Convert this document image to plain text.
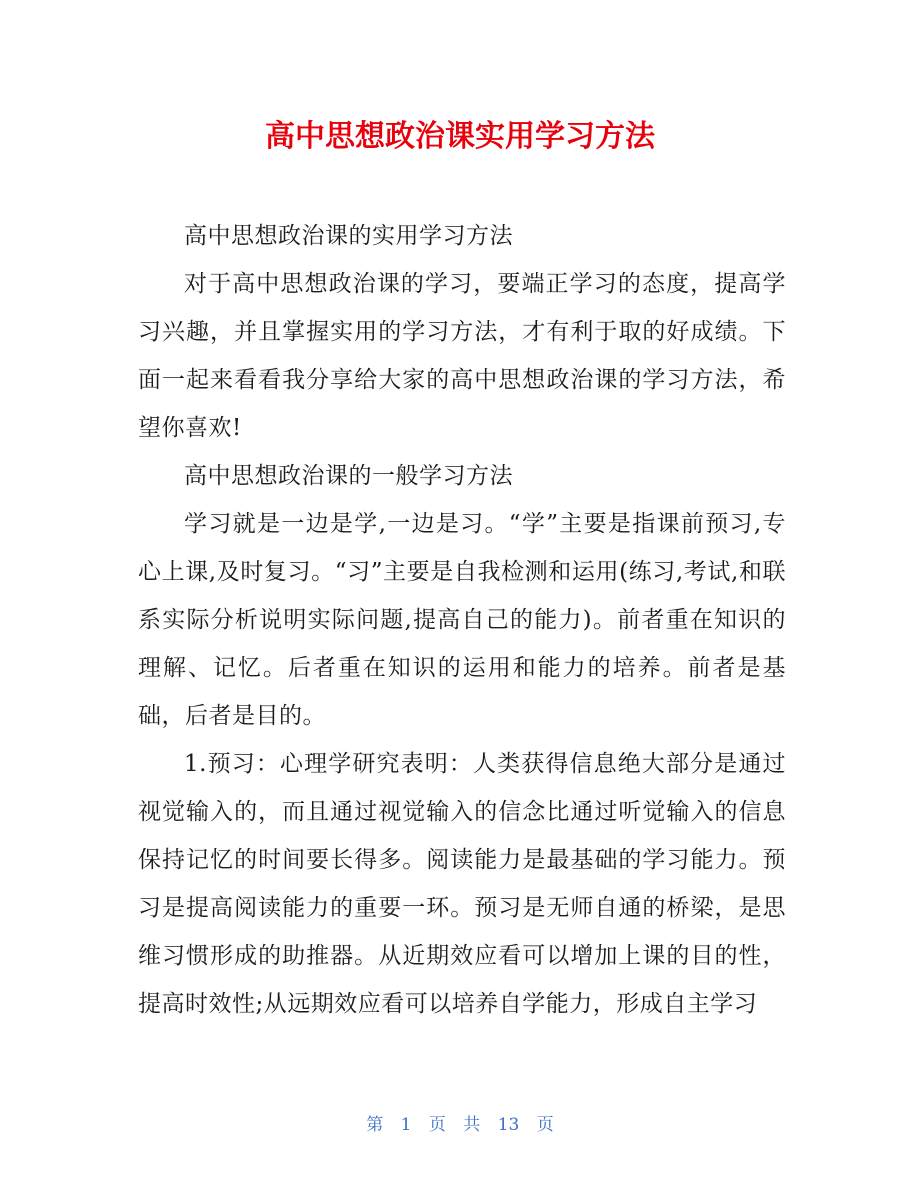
高中思想政治课实用学习方法

高中思想政治课的实用学习方法

对于高中思想政治课的学习，要端正学习的态度，提高学习兴趣，并且掌握实用的学习方法，才有利于取的好成绩。下面一起来看看我分享给大家的高中思想政治课的学习方法，希望你喜欢!

高中思想政治课的一般学习方法

学习就是一边是学,一边是习。“学”主要是指课前预习,专心上课,及时复习。“习”主要是自我检测和运用(练习,考试,和联系实际分析说明实际问题,提高自己的能力)。前者重在知识的理解、记忆。后者重在知识的运用和能力的培养。前者是基础，后者是目的。

1.预习：心理学研究表明：人类获得信息绝大部分是通过视觉输入的，而且通过视觉输入的信念比通过听觉输入的信息保持记忆的时间要长得多。阅读能力是最基础的学习能力。预习是提高阅读能力的重要一环。预习是无师自通的桥梁，是思维习惯形成的助推器。从近期效应看可以增加上课的目的性，提高时效性;从远期效应看可以培养自学能力，形成自主学习

第 1 页 共 13 页
